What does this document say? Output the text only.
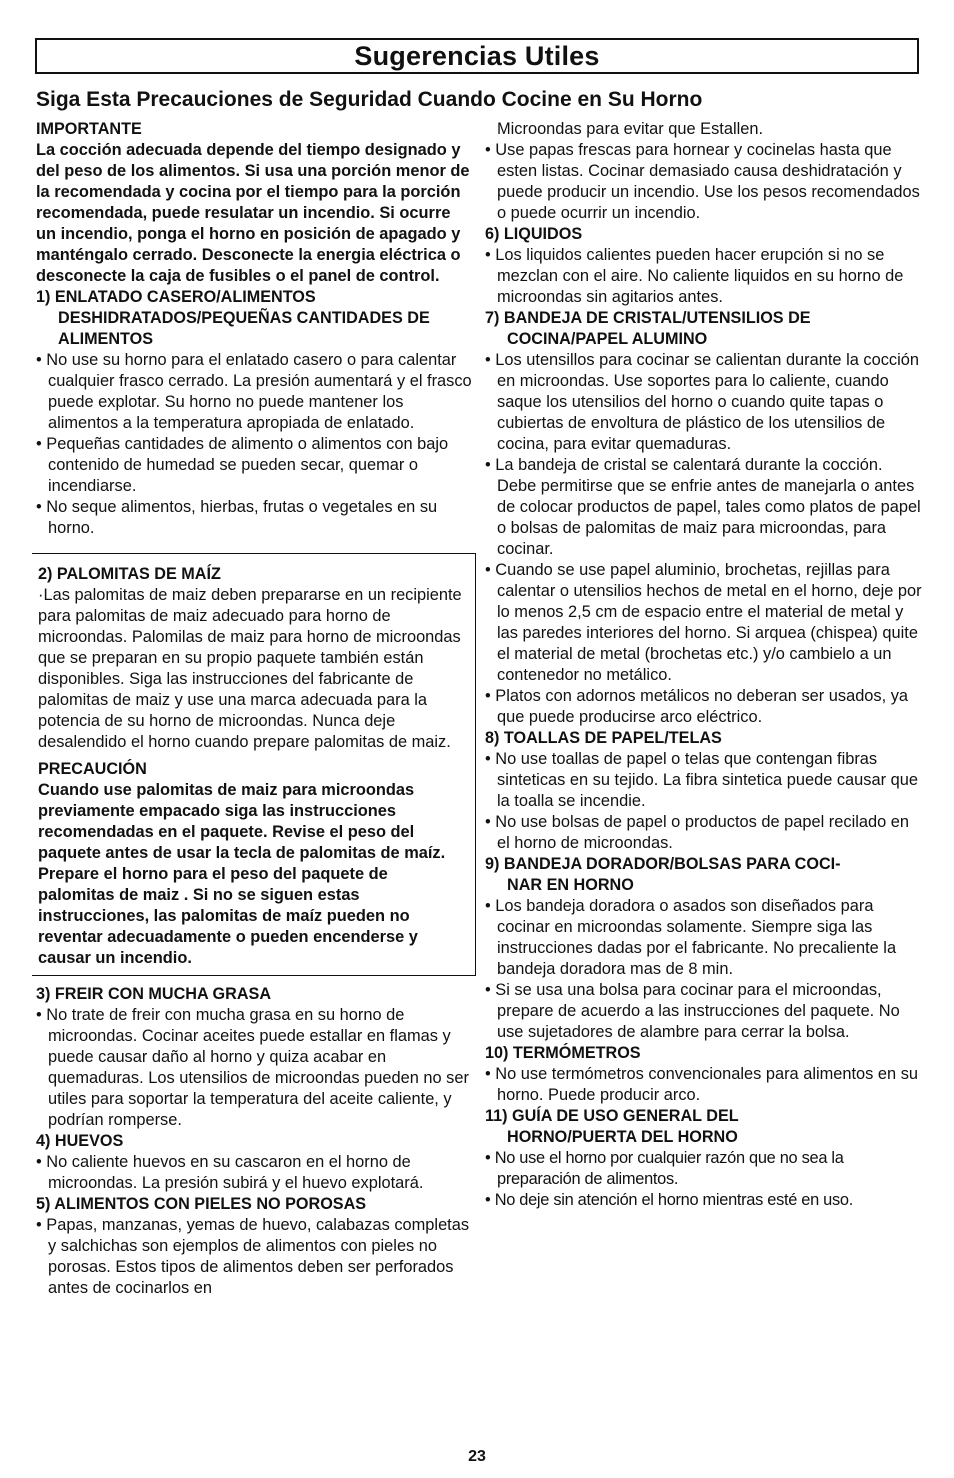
Sugerencias Utiles
Siga Esta Precauciones de Seguridad Cuando Cocine en Su Horno

IMPORTANTE

La cocción adecuada depende del tiempo designado y del peso de los alimentos. Si usa una porción menor de la recomendada y cocina por el tiempo para la porción recomendada, puede resulatar un incendio. Si ocurre un incendio, ponga el horno en posición de apagado y manténgalo cerrado. Desconecte la energia eléctrica o desconecte la caja de fusibles o el panel de control.

1) ENLATADO CASERO/ALIMENTOS

DESHIDRATADOS/PEQUEÑAS CANTIDADES DE ALIMENTOS

• No use su horno para el enlatado casero o para calentar cualquier frasco cerrado. La presión aumentará y el frasco puede explotar. Su horno no puede mantener los alimentos a la temperatura apropiada de enlatado.

• Pequeñas cantidades de alimento o alimentos con bajo contenido de humedad se pueden secar, quemar o incendiarse.

• No seque alimentos, hierbas, frutas o vegetales en su horno.

2) PALOMITAS DE MAÍZ

·Las palomitas de maiz deben prepararse en un recipiente para palomitas de maiz adecuado para horno de microondas. Palomilas de maiz para horno de microondas que se preparan en su propio paquete también están disponibles. Siga las instrucciones del fabricante de palomitas de maiz y use una marca adecuada para la potencia de su horno de microondas. Nunca deje desalendido el horno cuando prepare palomitas de maiz.

PRECAUCIÓN

Cuando use palomitas de maiz para microondas previamente empacado siga las instrucciones recomendadas en el paquete. Revise el peso del paquete antes de usar la tecla de palomitas de maíz. Prepare el horno para el peso del paquete de palomitas de maiz . Si no se siguen estas instrucciones, las palomitas de maíz pueden no reventar adecuadamente o pueden encenderse y causar un incendio.

3) FREIR CON MUCHA GRASA

• No trate de freir con mucha grasa en su horno de microondas. Cocinar aceites puede estallar en flamas y puede causar daño al horno y quiza acabar en quemaduras. Los utensilios de microondas pueden no ser utiles para soportar la temperatura del aceite caliente, y podrían romperse.

4) HUEVOS

• No caliente huevos en su cascaron en el horno de microondas. La presión subirá y el huevo explotará.

5) ALIMENTOS CON PIELES NO POROSAS

• Papas, manzanas, yemas de huevo, calabazas completas y salchichas son ejemplos de alimentos con pieles no porosas. Estos tipos de alimentos deben ser perforados antes de cocinarlos en

Microondas para evitar que Estallen.

• Use papas frescas para hornear y cocinelas hasta que esten listas. Cocinar demasiado causa deshidratación y puede producir un incendio. Use los pesos recomendados o puede ocurrir un incendio.

6) LIQUIDOS

• Los liquidos calientes pueden hacer erupción si no se mezclan con el aire. No caliente liquidos en su horno de microondas sin agitarios antes.

7) BANDEJA DE CRISTAL/UTENSILIOS DE

COCINA/PAPEL ALUMINO

• Los utensillos para cocinar se calientan durante la cocción en microondas. Use soportes para lo caliente, cuando saque los utensilios del horno o cuando quite tapas o cubiertas de envoltura de plástico de los utensilios de cocina, para evitar quemaduras.

• La bandeja de cristal se calentará durante la cocción. Debe permitirse que se enfrie antes de manejarla o antes de colocar productos de papel, tales como platos de papel o bolsas de palomitas de maiz para microondas, para cocinar.

• Cuando se use papel aluminio, brochetas, rejillas para calentar o utensilios hechos de metal en el horno, deje por lo menos 2,5 cm de espacio entre el material de metal y las paredes interiores del horno. Si arquea (chispea) quite el material de metal (brochetas etc.) y/o cambielo a un contenedor no metálico.

• Platos con adornos metálicos no deberan ser usados, ya que puede producirse arco eléctrico.

8) TOALLAS DE PAPEL/TELAS

• No use toallas de papel o telas que contengan fibras sinteticas en su tejido. La fibra sintetica puede causar que la toalla se incendie.

• No use bolsas de papel o productos de papel recilado en el horno de microondas.

9) BANDEJA DORADOR/BOLSAS PARA COCI-

NAR EN HORNO

• Los bandeja doradora o asados son diseñados para cocinar en microondas solamente. Siempre siga las instrucciones dadas por el fabricante. No precaliente la bandeja doradora mas de 8 min.

• Si se usa una bolsa para cocinar para el microondas, prepare de acuerdo a las instrucciones del paquete. No use sujetadores de alambre para cerrar la bolsa.

10) TERMÓMETROS

• No use termómetros convencionales para alimentos en su horno. Puede producir arco.

11) GUÍA DE USO GENERAL DEL

HORNO/PUERTA DEL HORNO

• No use el horno por cualquier razón que no sea la preparación de alimentos.

• No deje sin atención el horno mientras esté en uso.

23
